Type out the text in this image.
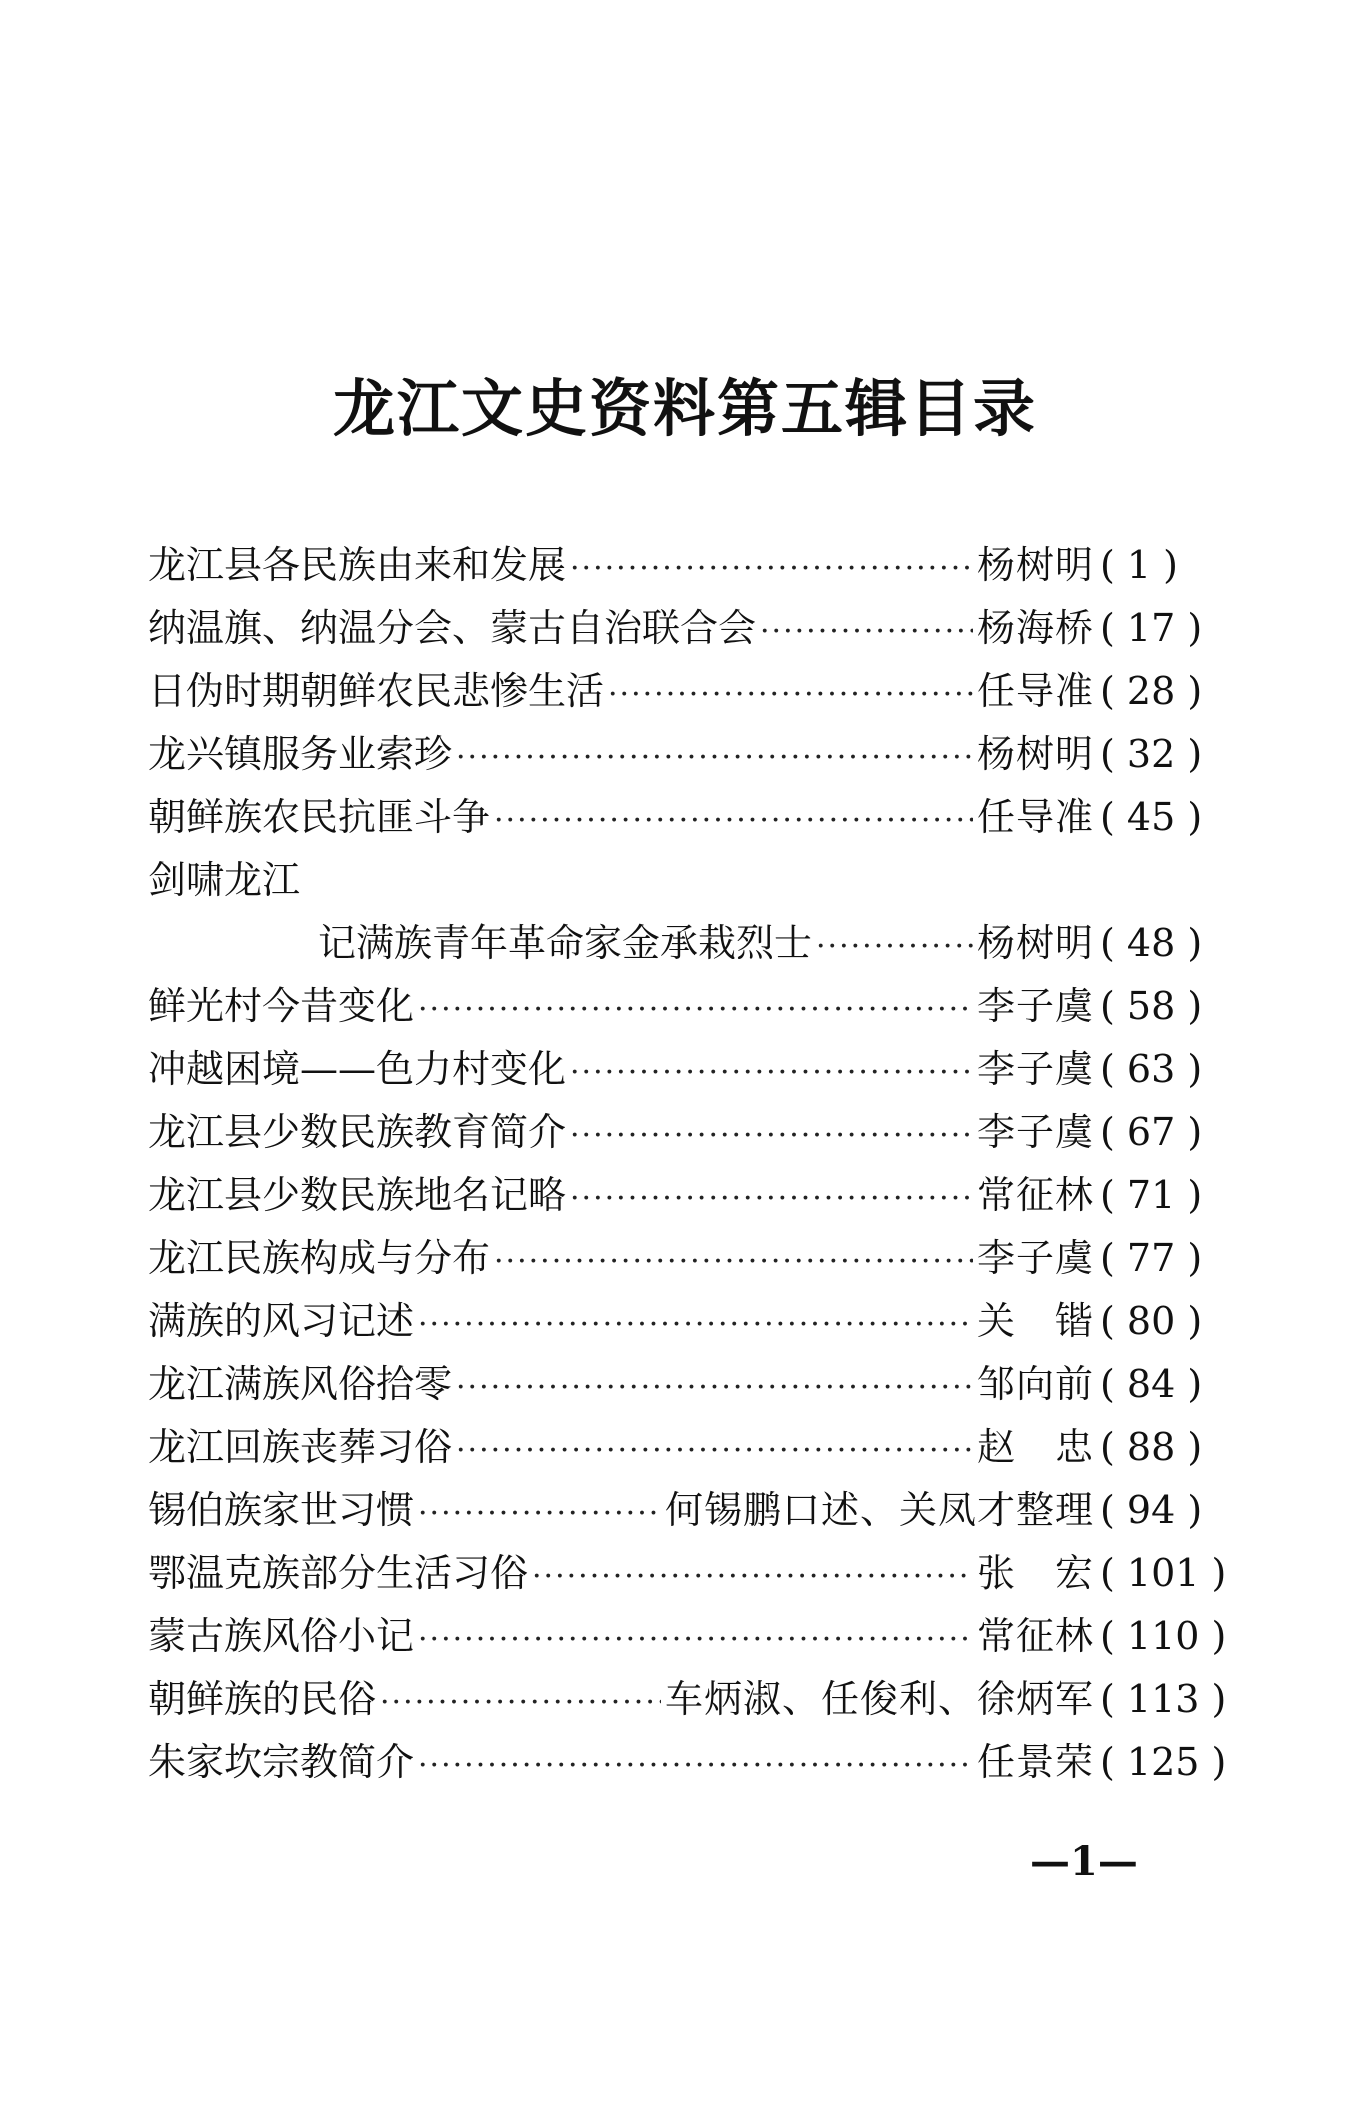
龙江文史资料第五辑目录
龙江县各民族由来和发展 ·····	杨树明 ( 1 )
纳温旗、纳温分会、蒙古自治联合会 ·····	杨海桥 ( 17 )
日伪时期朝鲜农民悲惨生活 ·····	任导准 ( 28 )
龙兴镇服务业索珍 ·····	杨树明 ( 32 )
朝鲜族农民抗匪斗争 ·····	任导准 ( 45 )
剑啸龙江
记满族青年革命家金承栽烈士 ·····	杨树明 ( 48 )
鲜光村今昔变化 ·····	李子虞 ( 58 )
冲越困境——色力村变化 ·····	李子虞 ( 63 )
龙江县少数民族教育简介 ·····	李子虞 ( 67 )
龙江县少数民族地名记略 ·····	常征林 ( 71 )
龙江民族构成与分布 ·····	李子虞 ( 77 )
满族的风习记述 ·····	关　锴 ( 80 )
龙江满族风俗拾零 ·····	邹向前 ( 84 )
龙江回族丧葬习俗 ·····	赵　忠 ( 88 )
锡伯族家世习惯 ·····	何锡鹏口述、关凤才整理 ( 94 )
鄂温克族部分生活习俗 ·····	张　宏 ( 101 )
蒙古族风俗小记 ·····	常征林 ( 110 )
朝鲜族的民俗 ·····	车炳淑、任俊利、徐炳军 ( 113 )
朱家坎宗教简介 ·····	任景荣 ( 125 )
—1—
